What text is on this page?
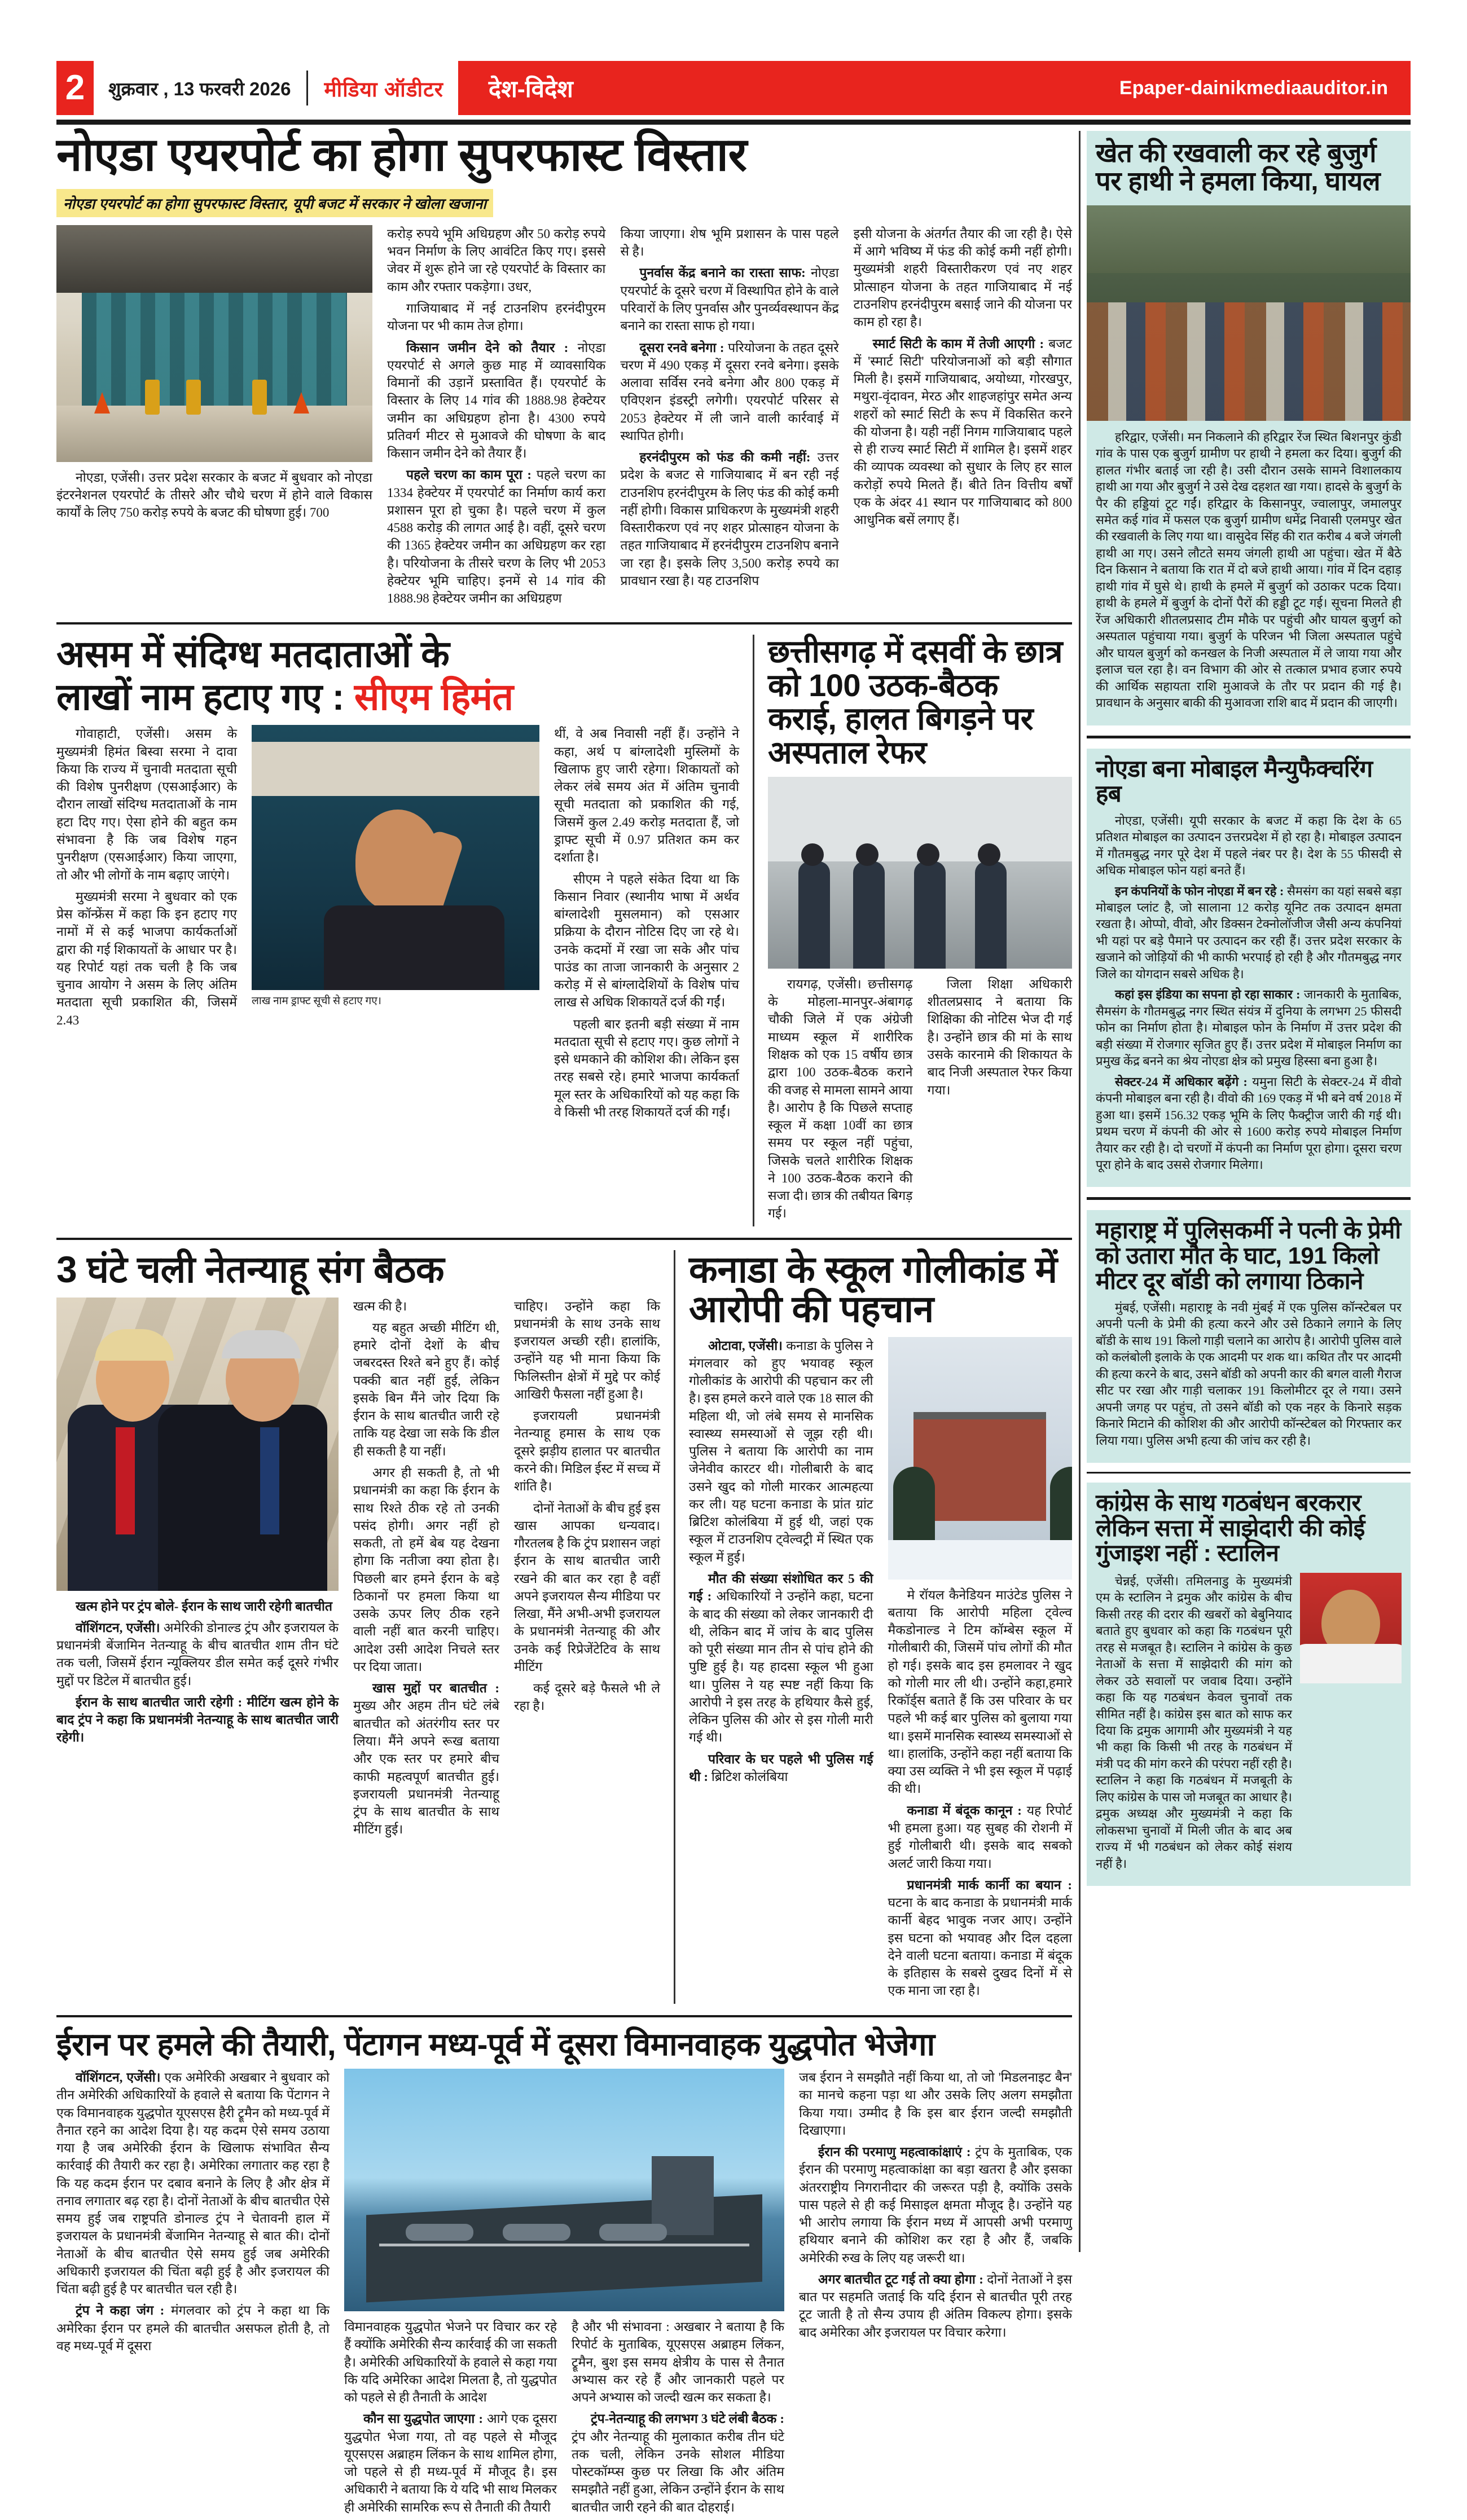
2	शुक्रवार , 13 फरवरी 2026 मीडिया ऑडीटर	देश-विदेश	Epaper-dainikmediaauditor.in
नोएडा एयरपोर्ट का होगा सुपरफास्ट विस्तार
नोएडा एयरपोर्ट का होगा सुपरफास्ट विस्तार, यूपी बजट में सरकार ने खोला खजाना

नोएडा, एजेंसी। उत्तर प्रदेश सरकार के बजट में बुधवार को नोएडा इंटरनेशनल एयरपोर्ट के तीसरे और चौथे चरण में होने वाले विकास कार्यों के लिए 750 करोड़ रुपये के बजट की घोषणा हुई। 700

करोड़ रुपये भूमि अधिग्रहण और 50 करोड़ रुपये भवन निर्माण के लिए आवंटित किए गए। इससे जेवर में शुरू होने जा रहे एयरपोर्ट के विस्तार का काम और रफ्तार पकड़ेगा। उधर,

गाजियाबाद में नई टाउनशिप हरनंदीपुरम योजना पर भी काम तेज होगा।

किसान जमीन देने को तैयार : नोएडा एयरपोर्ट से अगले कुछ माह में व्यावसायिक विमानों की उड़ानें प्रस्तावित हैं। एयरपोर्ट के विस्तार के लिए 14 गांव की 1888.98 हेक्टेयर जमीन का अधिग्रहण होना है। 4300 रुपये प्रतिवर्ग मीटर से मुआवजे की घोषणा के बाद किसान जमीन देने को तैयार हैं।

पहले चरण का काम पूरा : पहले चरण का 1334 हेक्टेयर में एयरपोर्ट का निर्माण कार्य करा प्रशासन पूरा हो चुका है। पहले चरण में कुल 4588 करोड़ की लागत आई है। वहीं, दूसरे चरण की 1365 हेक्टेयर जमीन का अधिग्रहण कर रहा है। परियोजना के तीसरे चरण के लिए भी 2053 हेक्टेयर भूमि चाहिए। इनमें से 14 गांव की 1888.98 हेक्टेयर जमीन का अधिग्रहण

किया जाएगा। शेष भूमि प्रशासन के पास पहले से है।

पुनर्वास केंद्र बनाने का रास्ता साफ: नोएडा एयरपोर्ट के दूसरे चरण में विस्थापित होने के वाले परिवारों के लिए पुनर्वास और पुनर्व्यवस्थापन केंद्र बनाने का रास्ता साफ हो गया।

दूसरा रनवे बनेगा : परियोजना के तहत दूसरे चरण में 490 एकड़ में दूसरा रनवे बनेगा। इसके अलावा सर्विस रनवे बनेगा और 800 एकड़ में एविएशन इंडस्ट्री लगेगी। एयरपोर्ट परिसर से 2053 हेक्टेयर में ली जाने वाली कार्रवाई में स्थापित होगी।

हरनंदीपुरम को फंड की कमी नहीं: उत्तर प्रदेश के बजट से गाजियाबाद में बन रही नई टाउनशिप हरनंदीपुरम के लिए फंड की कोई कमी नहीं होगी। विकास प्राधिकरण के मुख्यमंत्री शहरी विस्तारीकरण एवं नए शहर प्रोत्साहन योजना के तहत गाजियाबाद में हरनंदीपुरम टाउनशिप बनाने जा रहा है। इसके लिए 3,500 करोड़ रुपये का प्रावधान रखा है। यह टाउनशिप

इसी योजना के अंतर्गत तैयार की जा रही है। ऐसे में आगे भविष्य में फंड की कोई कमी नहीं होगी। मुख्यमंत्री शहरी विस्तारीकरण एवं नए शहर प्रोत्साहन योजना के तहत गाजियाबाद में नई टाउनशिप हरनंदीपुरम बसाई जाने की योजना पर काम हो रहा है।

स्मार्ट सिटी के काम में तेजी आएगी : बजट में 'स्मार्ट सिटी' परियोजनाओं को बड़ी सौगात मिली है। इसमें गाजियाबाद, अयोध्या, गोरखपुर, मथुरा-वृंदावन, मेरठ और शाहजहांपुर समेत अन्य शहरों को स्मार्ट सिटी के रूप में विकसित करने की योजना है। यही नहीं निगम गाजियाबाद पहले से ही राज्य स्मार्ट सिटी में शामिल है। इसमें शहर की व्यापक व्यवस्था को सुधार के लिए हर साल करोड़ों रुपये मिलते हैं। बीते तिन वित्तीय बर्षों एक के अंदर 41 स्थान पर गाजियाबाद को 800 आधुनिक बसें लगाए हैं।

असम में संदिग्ध मतदाताओं के
लाखों नाम हटाए गए : सीएम हिमंत

गोवाहाटी, एजेंसी। असम के मुख्यमंत्री हिमंत बिस्वा सरमा ने दावा किया कि राज्य में चुनावी मतदाता सूची की विशेष पुनरीक्षण (एसआईआर) के दौरान लाखों संदिग्ध मतदाताओं के नाम हटा दिए गए। ऐसा होने की बहुत कम संभावना है कि जब विशेष गहन पुनरीक्षण (एसआईआर) किया जाएगा, तो और भी लोगों के नाम बढ़ाए जाएंगे।

मुख्यमंत्री सरमा ने बुधवार को एक प्रेस कॉन्फ्रेंस में कहा कि इन हटाए गए नामों में से कई भाजपा कार्यकर्ताओं द्वारा की गई शिकायतों के आधार पर है। यह रिपोर्ट यहां तक चली है कि जब चुनाव आयोग ने असम के लिए अंतिम मतदाता सूची प्रकाशित की, जिसमें 2.43

लाख नाम ड्राफ्ट सूची से हटाए गए।

थीं, वे अब निवासी नहीं हैं। उन्होंने ने कहा, अर्थ प बांग्लादेशी मुस्लिमों के खिलाफ हुए जारी रहेगा। शिकायतों को लेकर लंबे समय अंत में अंतिम चुनावी सूची मतदाता को प्रकाशित की गई, जिसमें कुल 2.49 करोड़ मतदाता हैं, जो ड्राफ्ट सूची में 0.97 प्रतिशत कम कर दर्शाता है।

सीएम ने पहले संकेत दिया था कि किसान निवार (स्थानीय भाषा में अर्थव बांग्लादेशी मुसलमान) को एसआर प्रक्रिया के दौरान नोटिस दिए जा रहे थे। उनके कदमों में रखा जा सके और पांच पाउंड का ताजा जानकारी के अनुसार 2 करोड़ में से बांग्लादेशियों के विशेष पांच लाख से अधिक शिकायतें दर्ज की गईं।

पहली बार इतनी बड़ी संख्या में नाम मतदाता सूची से हटाए गए। कुछ लोगों ने इसे धमकाने की कोशिश की। लेकिन इस तरह सबसे रहे। हमारे भाजपा कार्यकर्ता मूल स्तर के अधिकारियों को यह कहा कि वे किसी भी तरह शिकायतें दर्ज की गईं।

छत्तीसगढ़ में दसवीं के छात्र को 100 उठक-बैठक कराई, हालत बिगड़ने पर अस्पताल रेफर

रायगढ़, एजेंसी। छत्तीसगढ़ के मोहला-मानपुर-अंबागढ़ चौकी जिले में एक अंग्रेजी माध्यम स्कूल में शारीरिक शिक्षक को एक 15 वर्षीय छात्र द्वारा 100 उठक-बैठक कराने की वजह से मामला सामने आया है। आरोप है कि पिछले सप्ताह स्कूल में कक्षा 10वीं का छात्र समय पर स्कूल नहीं पहुंचा, जिसके चलते शारीरिक शिक्षक ने 100 उठक-बैठक कराने की सजा दी। छात्र की तबीयत बिगड़ गई।

जिला शिक्षा अधिकारी शीतलप्रसाद ने बताया कि शिक्षिका की नोटिस भेज दी गई है। उन्होंने छात्र की मां के साथ उसके कारनामे की शिकायत के बाद निजी अस्पताल रेफर किया गया।

3 घंटे चली नेतन्याहू संग बैठक

खत्म होने पर ट्रंप बोले- ईरान के साथ जारी रहेगी बातचीत

वॉशिंगटन, एजेंसी। अमेरिकी डोनाल्ड ट्रंप और इजरायल के प्रधानमंत्री बेंजामिन नेतन्याहू के बीच बातचीत शाम तीन घंटे तक चली, जिसमें ईरान न्यूक्लियर डील समेत कई दूसरे गंभीर मुद्दों पर डिटेल में बातचीत हुई।

ईरान के साथ बातचीत जारी रहेगी : मीटिंग खत्म होने के बाद ट्रंप ने कहा कि प्रधानमंत्री नेतन्याहू के साथ बातचीत जारी रहेगी।

खत्म की है।

यह बहुत अच्छी मीटिंग थी, हमारे दोनों देशों के बीच जबरदस्त रिश्ते बने हुए हैं। कोई पक्की बात नहीं हुई, लेकिन इसके बिन मैंने जोर दिया कि ईरान के साथ बातचीत जारी रहे ताकि यह देखा जा सके कि डील ही सकती है या नहीं।

अगर ही सकती है, तो भी प्रधानमंत्री का कहा कि ईरान के साथ रिश्ते ठीक रहे तो उनकी पसंद होगी। अगर नहीं हो सकती, तो हमें बेब यह देखना होगा कि नतीजा क्या होता है। पिछली बार हमने ईरान के बड़े ठिकानों पर हमला किया था उसके ऊपर लिए ठीक रहने वाली नहीं बात करनी चाहिए। आदेश उसी आदेश निचले स्तर पर दिया जाता।

खास मुद्दों पर बातचीत : मुख्य और अहम तीन घंटे लंबे बातचीत को अंतरंगीय स्तर पर लिया। मैंने अपने रूख बताया और एक स्तर पर हमारे बीच काफी महत्वपूर्ण बातचीत हुई। इजरायली प्रधानमंत्री नेतन्याहू ट्रंप के साथ बातचीत के साथ मीटिंग हुई।

चाहिए। उन्होंने कहा कि प्रधानमंत्री के साथ उनके साथ इजरायल अच्छी रही। हालांकि, उन्होंने यह भी माना किया कि फिलिस्तीन क्षेत्रों में मुद्दे पर कोई आखिरी फैसला नहीं हुआ है।

इजरायली प्रधानमंत्री नेतन्याहू हमास के साथ एक दूसरे झड़ीय हालात पर बातचीत करने की। मिडिल ईस्ट में सच्च में शांति है।

दोनों नेताओं के बीच हुई इस खास आपका धन्यवाद। गौरतलब है कि ट्रंप प्रशासन जहां ईरान के साथ बातचीत जारी रखने की बात कर रहा है वहीं अपने इजरायल सैन्य मीडिया पर लिखा, मैंने अभी-अभी इजरायल के प्रधानमंत्री नेतन्याहू की और उनके कई रिप्रेजेंटेटिव के साथ मीटिंग

कई दूसरे बड़े फैसले भी ले रहा है।

कनाडा के स्कूल गोलीकांड में आरोपी की पहचान

ओटावा, एजेंसी। कनाडा के पुलिस ने मंगलवार को हुए भयावह स्कूल गोलीकांड के आरोपी की पहचान कर ली है। इस हमले करने वाले एक 18 साल की महिला थी, जो लंबे समय से मानसिक स्वास्थ्य समस्याओं से जूझ रही थी। पुलिस ने बताया कि आरोपी का नाम जेनेवीव कारटर थी। गोलीबारी के बाद उसने खुद को गोली मारकर आत्महत्या कर ली। यह घटना कनाडा के प्रांत ग्रांट ब्रिटिश कोलंबिया में हुई थी, जहां एक स्कूल में टाउनशिप ट्वेल्वट्री में स्थित एक स्कूल में हुई।

मौत की संख्या संशोधित कर 5 की गई : अधिकारियों ने उन्होंने कहा, घटना के बाद की संख्या को लेकर जानकारी दी थी, लेकिन बाद में जांच के बाद पुलिस को पूरी संख्या मान तीन से पांच होने की पुष्टि हुई है। यह हादसा स्कूल भी हुआ था। पुलिस ने यह स्पष्ट नहीं किया कि आरोपी ने इस तरह के हथियार कैसे हुई, लेकिन पुलिस की ओर से इस गोली मारी गई थी।

परिवार के घर पहले भी पुलिस गई थी : ब्रिटिश कोलंबिया

मे रॉयल कैनेडियन माउंटेड पुलिस ने बताया कि आरोपी महिला ट्वेल्व मैकडोनाल्ड ने टिम कॉम्बेस स्कूल में गोलीबारी की, जिसमें पांच लोगों की मौत हो गई। इसके बाद इस हमलावर ने खुद को गोली मार ली थी। उन्होंने कहा,हमारे रिकॉर्ड्स बताते हैं कि उस परिवार के घर पहले भी कई बार पुलिस को बुलाया गया था। इसमें मानसिक स्वास्थ्य समस्याओं से था। हालांकि, उन्होंने कहा नहीं बताया कि क्या उस व्यक्ति ने भी इस स्कूल में पढ़ाई की थी।

कनाडा में बंदूक कानून : यह रिपोर्ट भी हमला हुआ। यह सुबह की रोशनी में हुई गोलीबारी थी। इसके बाद सबको अलर्ट जारी किया गया।

प्रधानमंत्री मार्क कार्नी का बयान : घटना के बाद कनाडा के प्रधानमंत्री मार्क कार्नी बेहद भावुक नजर आए। उन्होंने इस घटना को भयावह और दिल दहला देने वाली घटना बताया। कनाडा में बंदूक के इतिहास के सबसे दुखद दिनों में से एक माना जा रहा है।

ईरान पर हमले की तैयारी, पेंटागन मध्य-पूर्व में दूसरा विमानवाहक युद्धपोत भेजेगा

वॉशिंगटन, एजेंसी। एक अमेरिकी अखबार ने बुधवार को तीन अमेरिकी अधिकारियों के हवाले से बताया कि पेंटागन ने एक विमानवाहक युद्धपोत यूएसएस हैरी ट्रूमैन को मध्य-पूर्व में तैनात रहने का आदेश दिया है। यह कदम ऐसे समय उठाया गया है जब अमेरिकी ईरान के खिलाफ संभावित सैन्य कार्रवाई की तैयारी कर रहा है। अमेरिका लगातार कह रहा है कि यह कदम ईरान पर दबाव बनाने के लिए है और क्षेत्र में तनाव लगातार बढ़ रहा है। दोनों नेताओं के बीच बातचीत ऐसे समय हुई जब राष्ट्रपति डोनाल्ड ट्रंप ने चेतावनी हाल में इजरायल के प्रधानमंत्री बेंजामिन नेतन्याहू से बात की। दोनों नेताओं के बीच बातचीत ऐसे समय हुई जब अमेरिकी अधिकारी इजरायल की चिंता बढ़ी हुई है और इजरायल की चिंता बढ़ी हुई है पर बातचीत चल रही है।

ट्रंप ने कहा जंग : मंगलवार को ट्रंप ने कहा था कि अमेरिका ईरान पर हमले की बातचीत असफल होती है, तो वह मध्य-पूर्व में दूसरा

विमानवाहक युद्धपोत भेजने पर विचार कर रहे हैं क्योंकि अमेरिकी सैन्य कार्रवाई की जा सकती है। अमेरिकी अधिकारियों के हवाले से कहा गया कि यदि अमेरिका आदेश मिलता है, तो युद्धपोत को पहले से ही तैनाती के आदेश

कौन सा युद्धपोत जाएगा : आगे एक दूसरा युद्धपोत भेजा गया, तो वह पहले से मौजूद यूएसएस अब्राहम लिंकन के साथ शामिल होगा, जो पहले से ही मध्य-पूर्व में मौजूद है। इस अधिकारी ने बताया कि ये यदि भी साथ मिलकर ही अमेरिकी सामरिक रूप से तैनाती की तैयारी

है और भी संभावना : अखबार ने बताया है कि रिपोर्ट के मुताबिक, यूएसएस अब्राहम लिंकन, ट्रूमैन, बुश इस समय क्षेत्रीय के पास से तैनात अभ्यास कर रहे हैं और जानकारी पहले पर अपने अभ्यास को जल्दी खत्म कर सकता है।

ट्रंप-नेतन्याहू की लगभग 3 घंटे लंबी बैठक : ट्रंप और नेतन्याहू की मुलाकात करीब तीन घंटे तक चली, लेकिन उनके सोशल मीडिया पोस्टकॉम्प्स कुछ पर लिखा कि और अंतिम समझौते नहीं हुआ, लेकिन उन्होंने ईरान के साथ बातचीत जारी रहने की बात दोहराई।

जब ईरान ने समझौते नहीं किया था, तो जो 'मिडलनाइट बैन' का मानचे कहना पड़ा था और उसके लिए अलग समझौता किया गया। उम्मीद है कि इस बार ईरान जल्दी समझौती दिखाएगा।

ईरान की परमाणु महत्वाकांक्षाएं : ट्रंप के मुताबिक, एक ईरान की परमाणु महत्वाकांक्षा का बड़ा खतरा है और इसका अंतरराष्ट्रीय निगरानीदार की जरूरत पड़ी है, क्योंकि उसके पास पहले से ही कई मिसाइल क्षमता मौजूद है। उन्होंने यह भी आरोप लगाया कि ईरान मध्य में आपसी अभी परमाणु हथियार बनाने की कोशिश कर रहा है और हैं, जबकि अमेरिकी रुख के लिए यह जरूरी था।

अगर बातचीत टूट गई तो क्या होगा : दोनों नेताओं ने इस बात पर सहमति जताई कि यदि ईरान से बातचीत पूरी तरह टूट जाती है तो सैन्य उपाय ही अंतिम विकल्प होगा। इसके बाद अमेरिका और इजरायल पर विचार करेगा।

खेत की रखवाली कर रहे बुजुर्ग पर हाथी ने हमला किया, घायल

हरिद्वार, एजेंसी। मन निकलाने की हरिद्वार रेंज स्थित बिशनपुर कुंडी गांव के पास एक बुजुर्ग ग्रामीण पर हाथी ने हमला कर दिया। बुजुर्ग की हालत गंभीर बताई जा रही है। उसी दौरान उसके सामने विशालकाय हाथी आ गया और बुजुर्ग ने उसे देख दहशत खा गया। हादसे के बुजुर्ग के पैर की हड्डियां टूट गईं। हरिद्वार के किसानपुर, ज्वालापुर, जमालपुर समेत कई गांव में फसल एक बुजुर्ग ग्रामीण धमेंद्र निवासी एलमपुर खेत की रखवाली के लिए गया था। वासुदेव सिंह की रात करीब 4 बजे जंगली हाथी आ गए। उसने लौटते समय जंगली हाथी आ पहुंचा। खेत में बैठे दिन किसान ने बताया कि रात में दो बजे हाथी आया। गांव में दिन दहाड़ हाथी गांव में घुसे थे। हाथी के हमले में बुजुर्ग को उठाकर पटक दिया। हाथी के हमले में बुजुर्ग के दोनों पैरों की हड्डी टूट गई। सूचना मिलते ही रेंज अधिकारी शीतलप्रसाद टीम मौके पर पहुंची और घायल बुजुर्ग को अस्पताल पहुंचाया गया। बुजुर्ग के परिजन भी जिला अस्पताल पहुंचे और घायल बुजुर्ग को कनखल के निजी अस्पताल में ले जाया गया और इलाज चल रहा है। वन विभाग की ओर से तत्काल प्रभाव हजार रुपये की आर्थिक सहायता राशि मुआवजे के तौर पर प्रदान की गई है। प्रावधान के अनुसार बाकी की मुआवजा राशि बाद में प्रदान की जाएगी।

नोएडा बना मोबाइल मैन्युफैक्चरिंग हब

नोएडा, एजेंसी। यूपी सरकार के बजट में कहा कि देश के 65 प्रतिशत मोबाइल का उत्पादन उत्तरप्रदेश में हो रहा है। मोबाइल उत्पादन में गौतमबुद्ध नगर पूरे देश में पहले नंबर पर है। देश के 55 फीसदी से अधिक मोबाइल फोन यहां बनते हैं।

इन कंपनियों के फोन नोएडा में बन रहे : सैमसंग का यहां सबसे बड़ा मोबाइल प्लांट है, जो सालाना 12 करोड़ यूनिट तक उत्पादन क्षमता रखता है। ओप्पो, वीवो, और डिक्सन टेक्नोलॉजीज जैसी अन्य कंपनियां भी यहां पर बड़े पैमाने पर उत्पादन कर रही हैं। उत्तर प्रदेश सरकार के खजाने को जोड़ियों की भी काफी भरपाई हो रही है और गौतमबुद्ध नगर जिले का योगदान सबसे अधिक है।

कहां इस इंडिया का सपना हो रहा साकार : जानकारी के मुताबिक, सैमसंग के गौतमबुद्ध नगर स्थित संयंत्र में दुनिया के लगभग 25 फीसदी फोन का निर्माण होता है। मोबाइल फोन के निर्माण में उत्तर प्रदेश की बड़ी संख्या में रोजगार सृजित हुए हैं। उत्तर प्रदेश में मोबाइल निर्माण का प्रमुख केंद्र बनने का श्रेय नोएडा क्षेत्र को प्रमुख हिस्सा बना हुआ है।

सेक्टर-24 में अधिकार बढ़ेंगे : यमुना सिटी के सेक्टर-24 में वीवो कंपनी मोबाइल बना रही है। वीवो की 169 एकड़ में भी बने वर्ष 2018 में हुआ था। इसमें 156.32 एकड़ भूमि के लिए फैक्ट्रीज जारी की गई थी। प्रथम चरण में कंपनी की ओर से 1600 करोड़ रुपये मोबाइल निर्माण तैयार कर रही है। दो चरणों में कंपनी का निर्माण पूरा होगा। दूसरा चरण पूरा होने के बाद उससे रोजगार मिलेगा।

महाराष्ट्र में पुलिसकर्मी ने पत्नी के प्रेमी को उतारा मौत के घाट, 191 किलो मीटर दूर बॉडी को लगाया ठिकाने

मुंबई, एजेंसी। महाराष्ट्र के नवी मुंबई में एक पुलिस कॉन्स्टेबल पर अपनी पत्नी के प्रेमी की हत्या करने और उसे ठिकाने लगाने के लिए बॉडी के साथ 191 किलो गाड़ी चलाने का आरोप है। आरोपी पुलिस वाले को कलंबोली इलाके के एक आदमी पर शक था। कथित तौर पर आदमी की हत्या करने के बाद, उसने बॉडी को अपनी कार की बगल वाली गैराज सीट पर रखा और गाड़ी चलाकर 191 किलोमीटर दूर ले गया। उसने अपनी जगह पर पहुंच, तो उसने बॉडी को एक नहर के किनारे सड़क किनारे मिटाने की कोशिश की और आरोपी कॉन्स्टेबल को गिरफ्तार कर लिया गया। पुलिस अभी हत्या की जांच कर रही है।

कांग्रेस के साथ गठबंधन बरकरार लेकिन सत्ता में साझेदारी की कोई गुंजाइश नहीं : स्टालिन

चेन्नई, एजेंसी। तमिलनाडु के मुख्यमंत्री एम के स्टालिन ने द्रमुक और कांग्रेस के बीच किसी तरह की दरार की खबरों को बेबुनियाद बताते हुए बुधवार को कहा कि गठबंधन पूरी तरह से मजबूत है। स्टालिन ने कांग्रेस के कुछ नेताओं के सत्ता में साझेदारी की मांग को लेकर उठे सवालों पर जवाब दिया। उन्होंने कहा कि यह गठबंधन केवल चुनावों तक सीमित नहीं है। कांग्रेस इस बात को साफ कर दिया कि द्रमुक आगामी और मुख्यमंत्री ने यह भी कहा कि किसी भी तरह के गठबंधन में मंत्री पद की मांग करने की परंपरा नहीं रही है। स्टालिन ने कहा कि गठबंधन में मजबूती के लिए कांग्रेस के पास जो मजबूत का आधार है। द्रमुक अध्यक्ष और मुख्यमंत्री ने कहा कि लोकसभा चुनावों में मिली जीत के बाद अब राज्य में भी गठबंधन को लेकर कोई संशय नहीं है।
